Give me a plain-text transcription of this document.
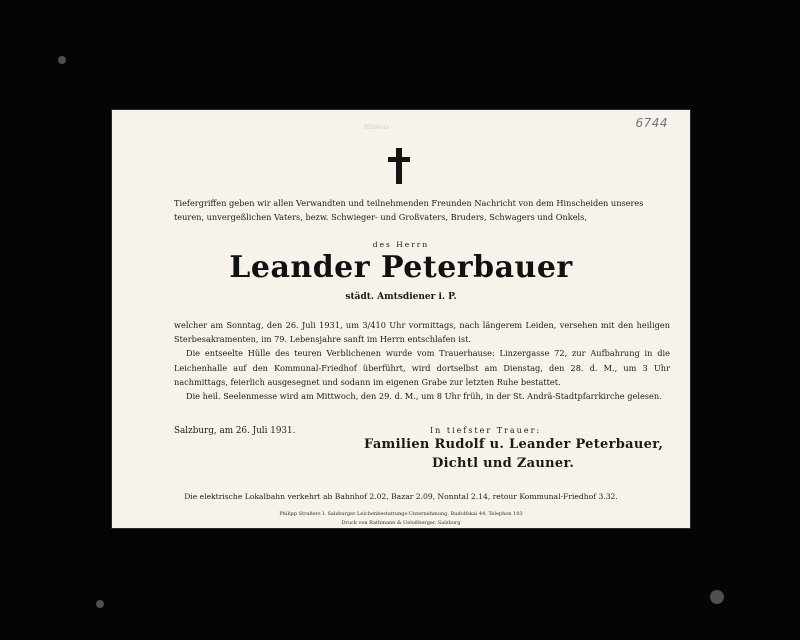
6744
Hinweis · · ·
Tiefergriffen geben wir allen Verwandten und teilnehmenden Freunden Nachricht von dem Hinscheiden unseres teuren, unvergeßlichen Vaters, bezw. Schwieger- und Großvaters, Bruders, Schwagers und Onkels,
des Herrn
Leander Peterbauer
städt. Amtsdiener i. P.

welcher am Sonntag, den 26. Juli 1931, um 3/410 Uhr vormittags, nach längerem Leiden, versehen mit den heiligen Sterbesakramenten, im 79. Lebensjahre sanft im Herrn entschlafen ist.

Die entseelte Hülle des teuren Verblichenen wurde vom Trauerhause: Linzergasse 72, zur Aufbahrung in die Leichenhalle auf den Kommunal-Friedhof überführt, wird dortselbst am Dienstag, den 28. d. M., um 3 Uhr nachmittags, feierlich ausgesegnet und sodann im eigenen Grabe zur letzten Ruhe bestattet.

Die heil. Seelenmesse wird am Mittwoch, den 29. d. M., um 8 Uhr früh, in der St. Andrä-Stadtpfarrkirche gelesen.

Salzburg, am 26. Juli 1931.	In tiefster Trauer:
Familien Rudolf u. Leander Peterbauer,
Dichtl und Zauner.
Die elektrische Lokalbahn verkehrt ab Bahnhof 2.02, Bazar 2.09, Nonntal 2.14, retour Kommunal-Friedhof 3.32.
Philipp Straßers I. Salzburger Leichenbestattungs-Unternehmung, Rudolfskai 44, Telephon 103
Druck von Rathmann & Ueloßberger, Salzburg
